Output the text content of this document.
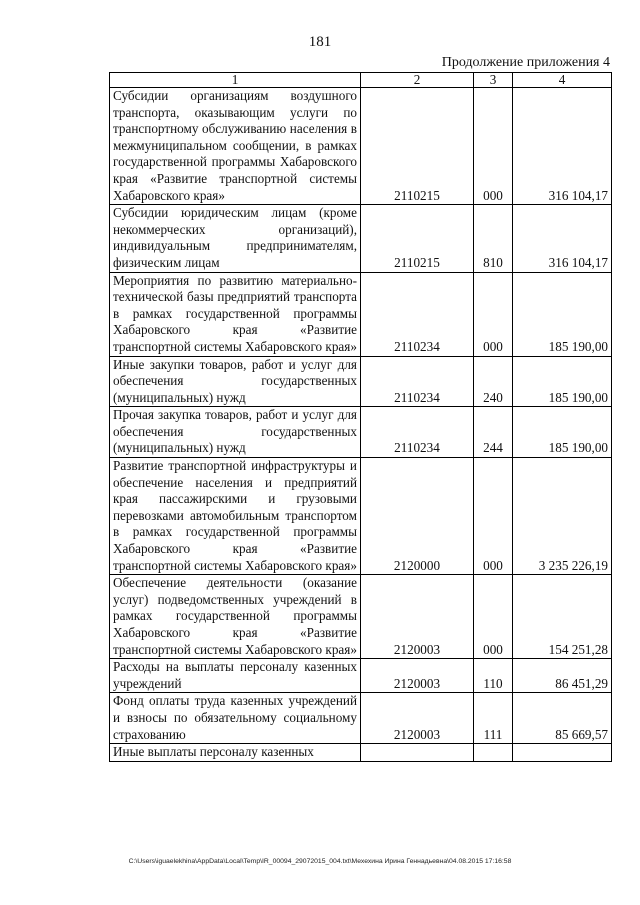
181
Продолжение приложения 4
1	2	3	4
Субсидии организациям воздушного транспорта, оказывающим услуги по транспортному обслуживанию населения в межмуниципальном сообщении, в рамках государственной программы Хабаровского края «Развитие транспортной системы Хабаровского края»	2110215	000	316 104,17
Субсидии юридическим лицам (кроме некоммерческих организаций), индивидуальным предпринимателям, физическим лицам	2110215	810	316 104,17
Мероприятия по развитию материально-технической базы предприятий транспорта в рамках государственной программы Хабаровского края «Развитие транспортной системы Хабаровского края»	2110234	000	185 190,00
Иные закупки товаров, работ и услуг для обеспечения государственных (муниципальных) нужд	2110234	240	185 190,00
Прочая закупка товаров, работ и услуг для обеспечения государственных (муниципальных) нужд	2110234	244	185 190,00
Развитие транспортной инфраструктуры и обеспечение населения и предприятий края пассажирскими и грузовыми перевозками автомобильным транспортом в рамках государственной программы Хабаровского края «Развитие транспортной системы Хабаровского края»	2120000	000	3 235 226,19
Обеспечение деятельности (оказание услуг) подведомственных учреждений в рамках государственной программы Хабаровского края «Развитие транспортной системы Хабаровского края»	2120003	000	154 251,28
Расходы на выплаты персоналу казенных учреждений	2120003	110	86 451,29
Фонд оплаты труда казенных учреждений и взносы по обязательному социальному страхованию	2120003	111	85 669,57
Иные выплаты персоналу казенных			
C:\Users\iguaelekhina\AppData\Local\Temp\IR_00094_29072015_004.txt\Мехехина Ирина Геннадьевна\04.08.2015 17:16:58
